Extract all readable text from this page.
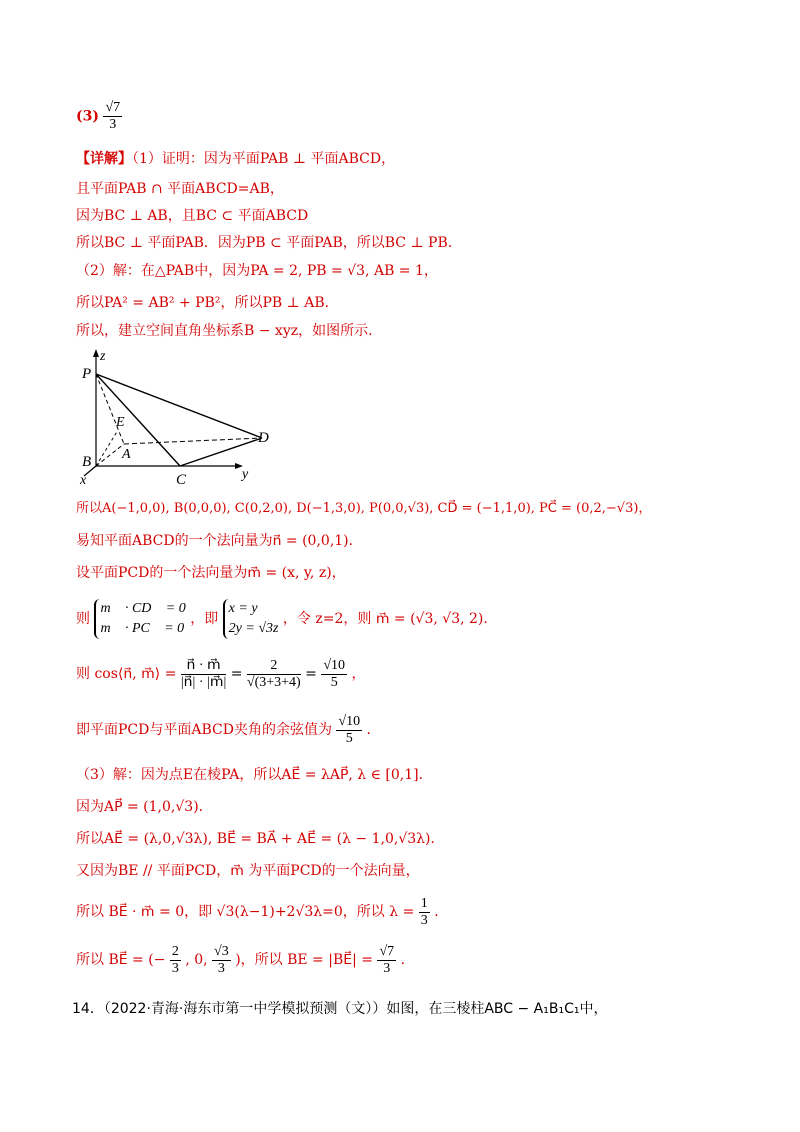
$(3) \frac{√7}{3}$
【详解】（1）证明：因为平面PAB ⊥ 平面ABCD，
且平面PAB ∩ 平面ABCD=AB，
因为BC ⊥ AB，且BC ⊂ 平面ABCD
所以BC ⊥ 平面PAB．因为PB ⊂ 平面PAB，所以BC ⊥ PB．
（2）解：在△PAB中，因为PA = 2, PB = √3, AB = 1，
所以PA² = AB² + PB²，所以PB ⊥ AB．
所以，建立空间直角坐标系B − xyz，如图所示．
z
P
E
A
D
B
x	C	y
所以A(−1,0,0), B(0,0,0), C(0,2,0), D(−1,3,0), P(0,0,√3), CD⃗ = (−1,1,0), PC⃗ = (0,2,−√3)，
易知平面ABCD的一个法向量为n⃗ = (0,0,1)．
设平面PCD的一个法向量为m⃗ = (x, y, z)，
则
m⃗ · CD⃗ = 0
m⃗ · PC⃗ = 0
，即
x = y
2y = √3z
，令 z=2，则 m⃗ = (√3, √3, 2)．
则 cos⟨n⃗, m⃗⟩ = $\frac{n⃗ \cdot m⃗}{|n⃗| \cdot |m⃗|} = \frac{2}{√(3+3+4)} = \frac{√10}{5}$ ，
即平面PCD与平面ABCD夹角的余弦值为 $\frac{√10}{5}$ ．
（3）解：因为点E在棱PA，所以AE⃗ = λAP⃗, λ ∈ [0,1]．
因为AP⃗ = (1,0,√3)．
所以AE⃗ = (λ,0,√3λ), BE⃗ = BA⃗ + AE⃗ = (λ − 1,0,√3λ)．
又因为BE // 平面PCD，m⃗ 为平面PCD的一个法向量，
所以 BE⃗ · m⃗ = 0，即 √3(λ−1)+2√3λ=0，所以 $\lambda = \frac{1}{3}$ ．
所以 BE⃗ = (− $\frac{2}{3}$ , 0, $\frac{√3}{3}$ )，所以 BE = |BE⃗| = $\frac{√7}{3}$ ．
14．（2022·青海·海东市第一中学模拟预测（文））如图，在三棱柱ABC − A₁B₁C₁中，
